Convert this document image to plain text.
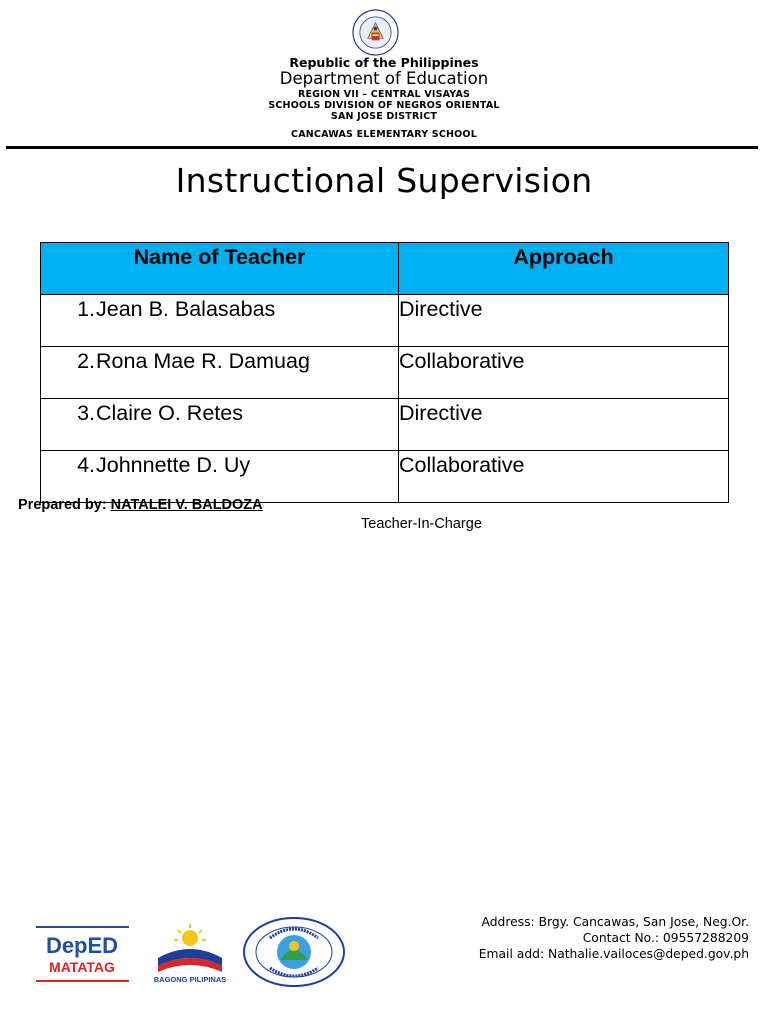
Republic of the Philippines
Department of Education
REGION VII – CENTRAL VISAYAS
SCHOOLS DIVISION OF NEGROS ORIENTAL
SAN JOSE DISTRICT
CANCAWAS ELEMENTARY SCHOOL
Instructional Supervision
Name of Teacher	Approach
1.Jean B. Balasabas	Directive
2.Rona Mae R. Damuag	Collaborative
3.Claire O. Retes	Directive
4.Johnnette D. Uy	Collaborative
Prepared by: NATALEI V. BALDOZA
Teacher-In-Charge
DepED
MATATAG
BAGONG PILIPINAS
Address: Brgy. Cancawas, San Jose, Neg.Or.
Contact No.: 09557288209
Email add: Nathalie.vailoces@deped.gov.ph
